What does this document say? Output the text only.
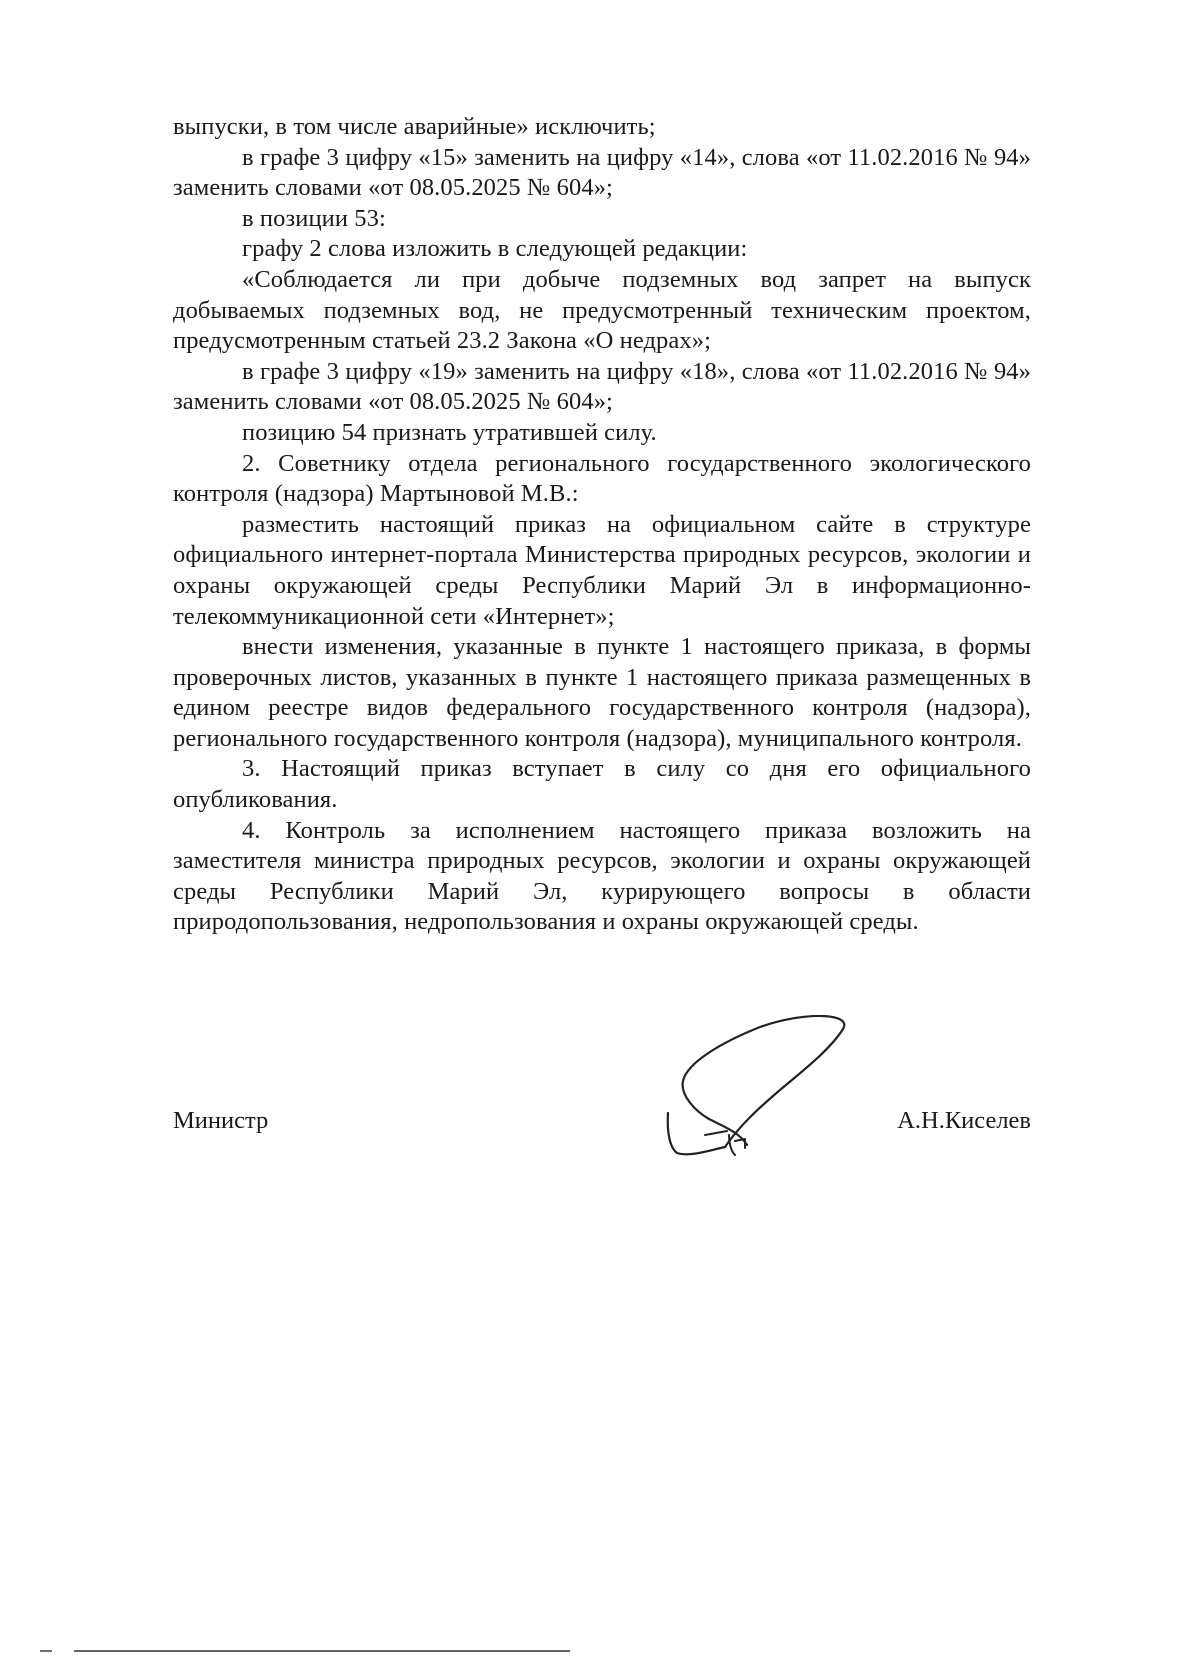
выпуски, в том числе аварийные» исключить;

в графе 3 цифру «15» заменить на цифру «14», слова «от 11.02.2016 № 94» заменить словами «от 08.05.2025 № 604»;

в позиции 53:

графу 2 слова изложить в следующей редакции:

«Соблюдается ли при добыче подземных вод запрет на выпуск добываемых подземных вод, не предусмотренный техническим проектом, предусмотренным статьей 23.2 Закона «О недрах»;

в графе 3 цифру «19» заменить на цифру «18», слова «от 11.02.2016 № 94» заменить словами «от 08.05.2025 № 604»;

позицию 54 признать утратившей силу.

2. Советнику отдела регионального государственного экологического контроля (надзора) Мартыновой М.В.:

разместить настоящий приказ на официальном сайте в структуре официального интернет-портала Министерства природных ресурсов, экологии и охраны окружающей среды Республики Марий Эл в информационно-телекоммуникационной сети «Интернет»;

внести изменения, указанные в пункте 1 настоящего приказа, в формы проверочных листов, указанных в пункте 1 настоящего приказа размещенных в едином реестре видов федерального государственного контроля (надзора), регионального государственного контроля (надзора), муниципального контроля.

3. Настоящий приказ вступает в силу со дня его официального опубликования.

4. Контроль за исполнением настоящего приказа возложить на заместителя министра природных ресурсов, экологии и охраны окружающей среды Республики Марий Эл, курирующего вопросы в области природопользования, недропользования и охраны окружающей среды.

Министр	А.Н.Киселев
